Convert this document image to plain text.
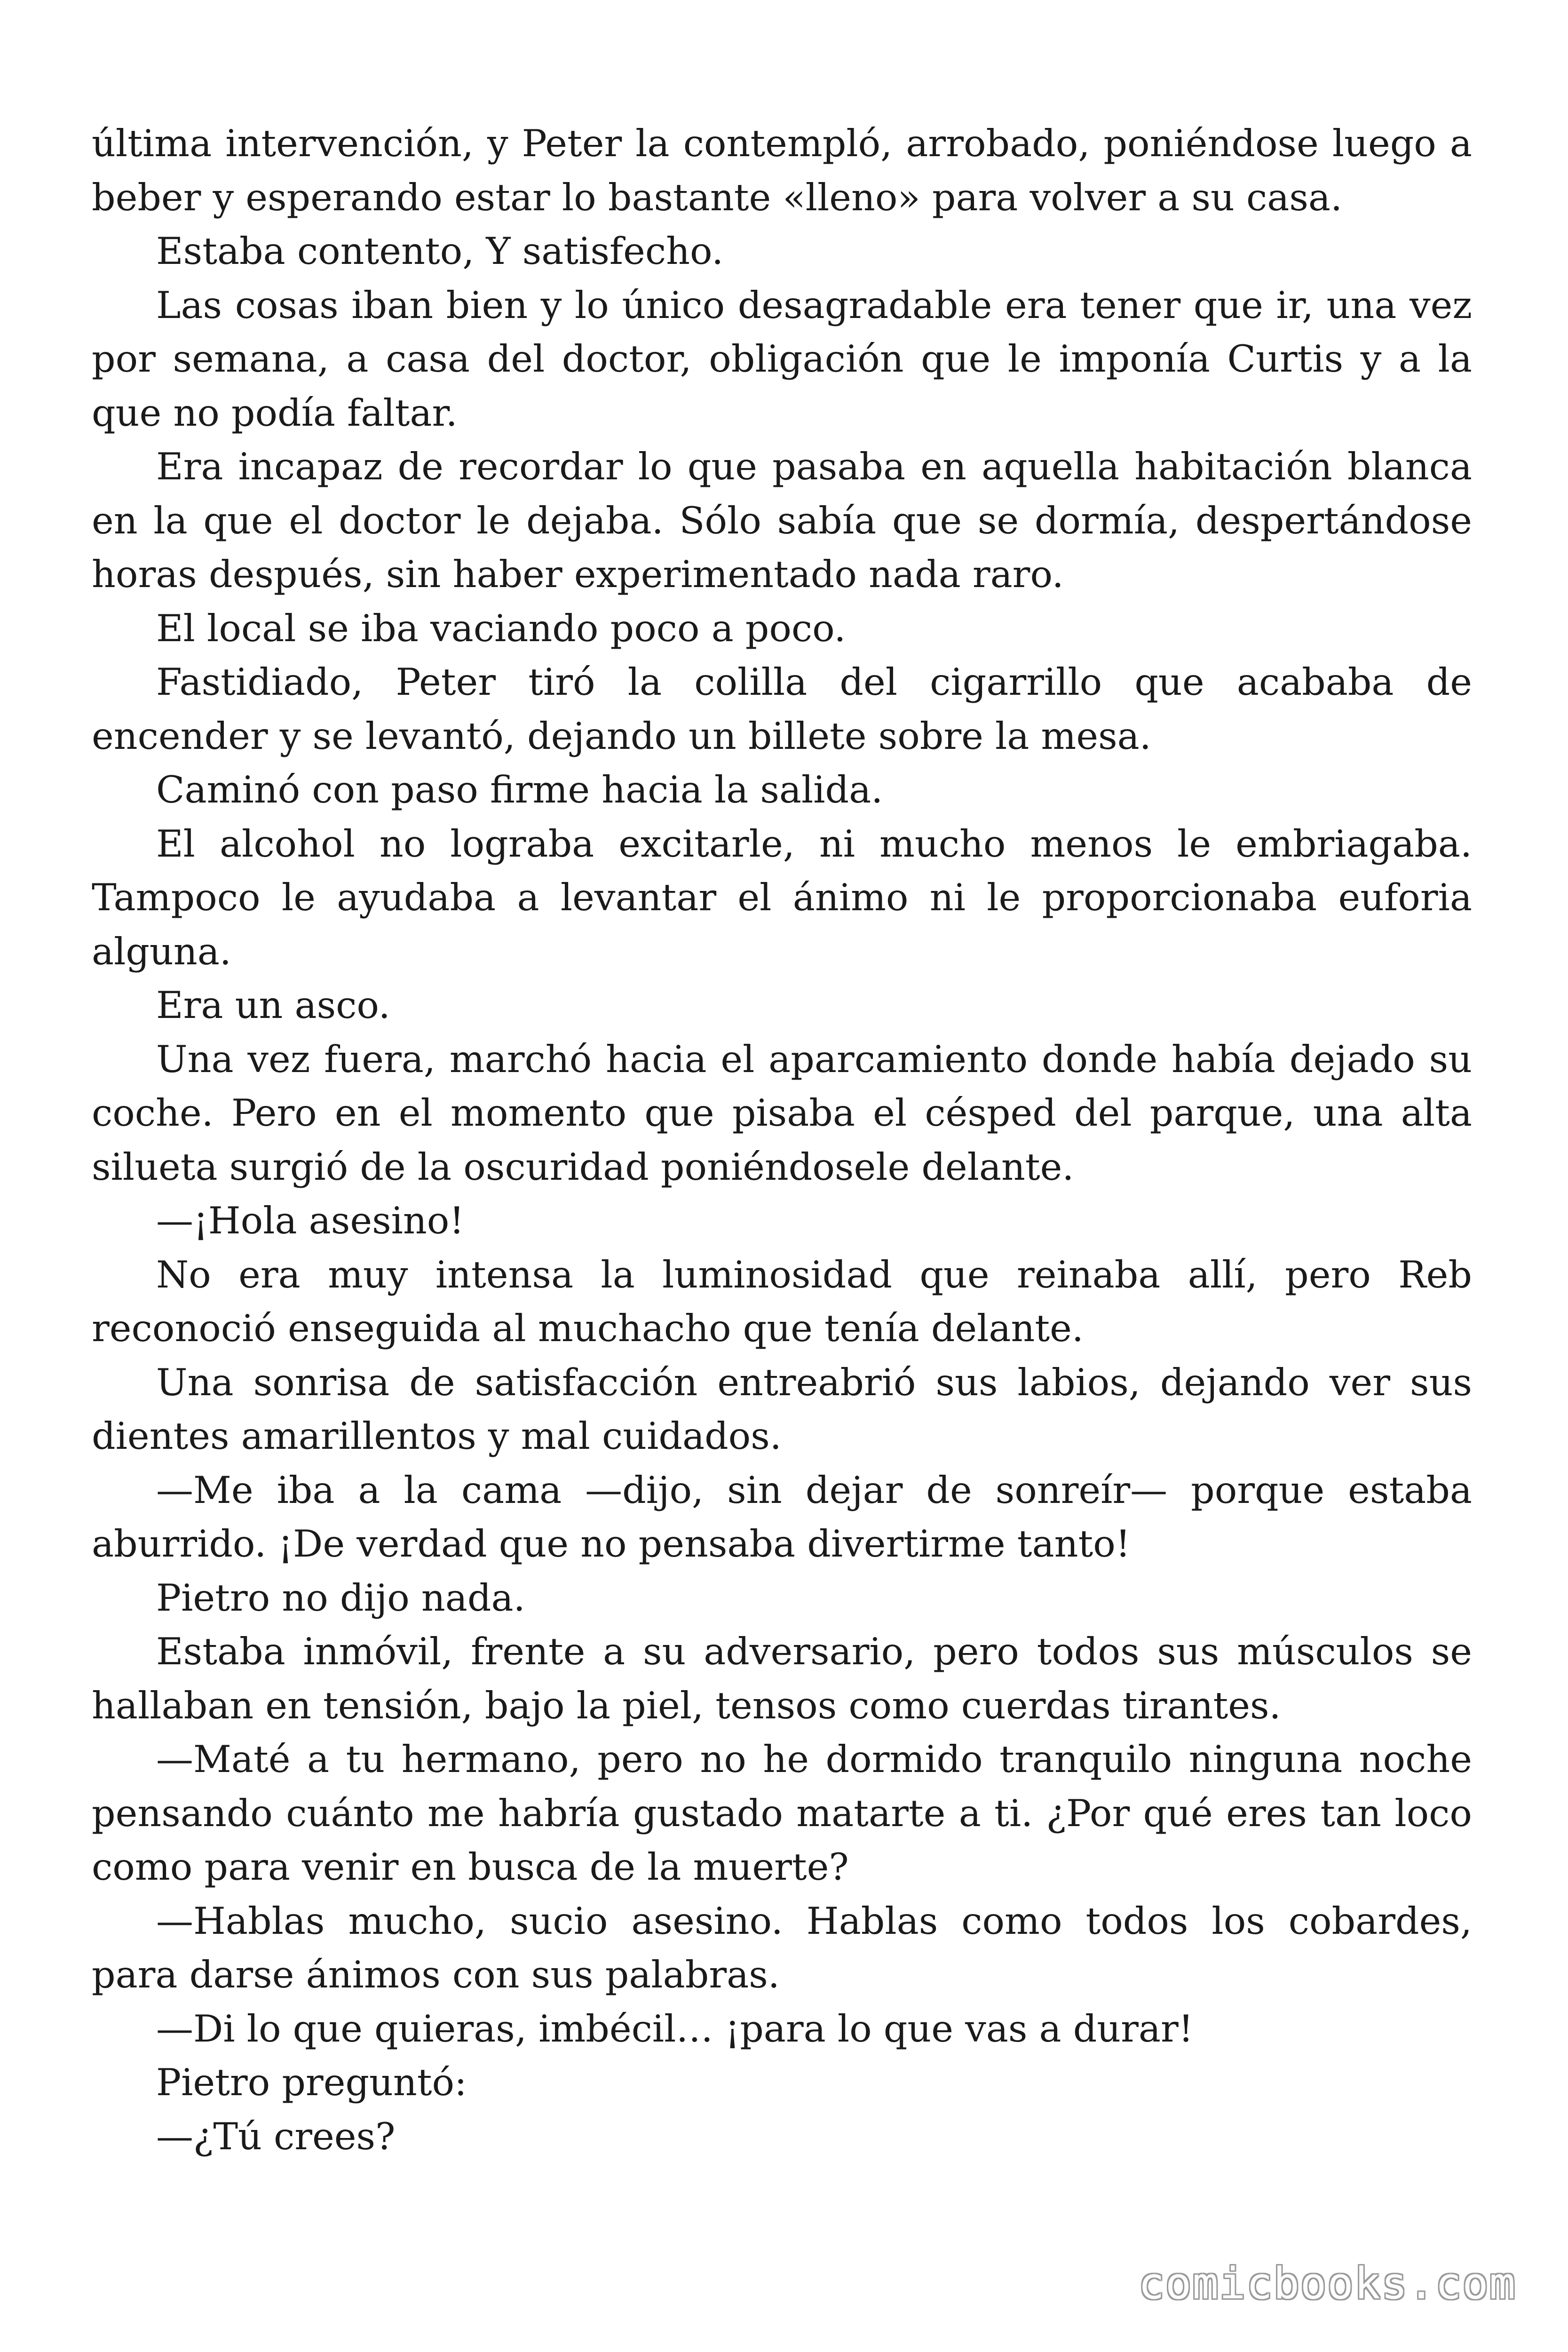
última intervención, y Peter la contempló, arrobado, poniéndose luego a beber y esperando estar lo bastante «lleno» para volver a su casa.

Estaba contento, Y satisfecho.

Las cosas iban bien y lo único desagradable era tener que ir, una vez por semana, a casa del doctor, obligación que le imponía Curtis y a la que no podía faltar.

Era incapaz de recordar lo que pasaba en aquella habitación blanca en la que el doctor le dejaba. Sólo sabía que se dormía, despertándose horas después, sin haber experimentado nada raro.

El local se iba vaciando poco a poco.

Fastidiado, Peter tiró la colilla del cigarrillo que acababa de encender y se levantó, dejando un billete sobre la mesa.

Caminó con paso firme hacia la salida.

El alcohol no lograba excitarle, ni mucho menos le embriagaba. Tampoco le ayudaba a levantar el ánimo ni le proporcionaba euforia alguna.

Era un asco.

Una vez fuera, marchó hacia el aparcamiento donde había dejado su coche. Pero en el momento que pisaba el césped del parque, una alta silueta surgió de la oscuridad poniéndosele delante.

—¡Hola asesino!

No era muy intensa la luminosidad que reinaba allí, pero Reb reconoció enseguida al muchacho que tenía delante.

Una sonrisa de satisfacción entreabrió sus labios, dejando ver sus dientes amarillentos y mal cuidados.

—Me iba a la cama —dijo, sin dejar de sonreír— porque estaba aburrido. ¡De verdad que no pensaba divertirme tanto!

Pietro no dijo nada.

Estaba inmóvil, frente a su adversario, pero todos sus músculos se hallaban en tensión, bajo la piel, tensos como cuerdas tirantes.

—Maté a tu hermano, pero no he dormido tranquilo ninguna noche pensando cuánto me habría gustado matarte a ti. ¿Por qué eres tan loco como para venir en busca de la muerte?

—Hablas mucho, sucio asesino. Hablas como todos los cobardes, para darse ánimos con sus palabras.

—Di lo que quieras, imbécil… ¡para lo que vas a durar!

Pietro preguntó:

—¿Tú crees?

comicbooks.com
